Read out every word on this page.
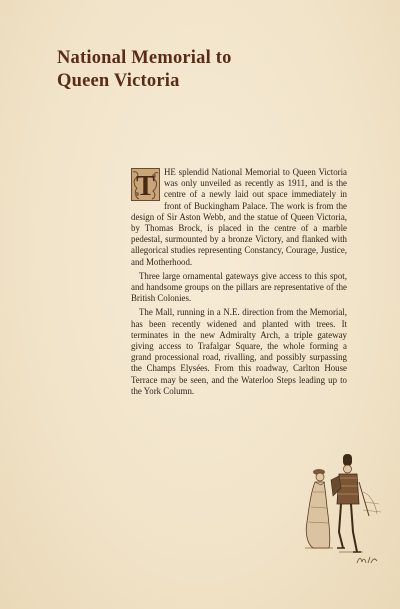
National Memorial to
Queen Victoria

T HE splendid National Memorial to Queen Victoria was only unveiled as recently as 1911, and is the centre of a newly laid out space immediately in front of Buckingham Palace. The work is from the design of Sir Aston Webb, and the statue of Queen Victoria, by Thomas Brock, is placed in the centre of a marble pedestal, surmounted by a bronze Victory, and flanked with allegorical studies representing Constancy, Courage, Justice, and Motherhood.

Three large ornamental gateways give access to this spot, and handsome groups on the pillars are representative of the British Colonies.

The Mall, running in a N.E. direction from the Memorial, has been recently widened and planted with trees. It terminates in the new Admiralty Arch, a triple gateway giving access to Trafalgar Square, the whole forming a grand processional road, rivalling, and possibly surpassing the Champs Elysées. From this roadway, Carlton House Terrace may be seen, and the Waterloo Steps leading up to the York Column.
